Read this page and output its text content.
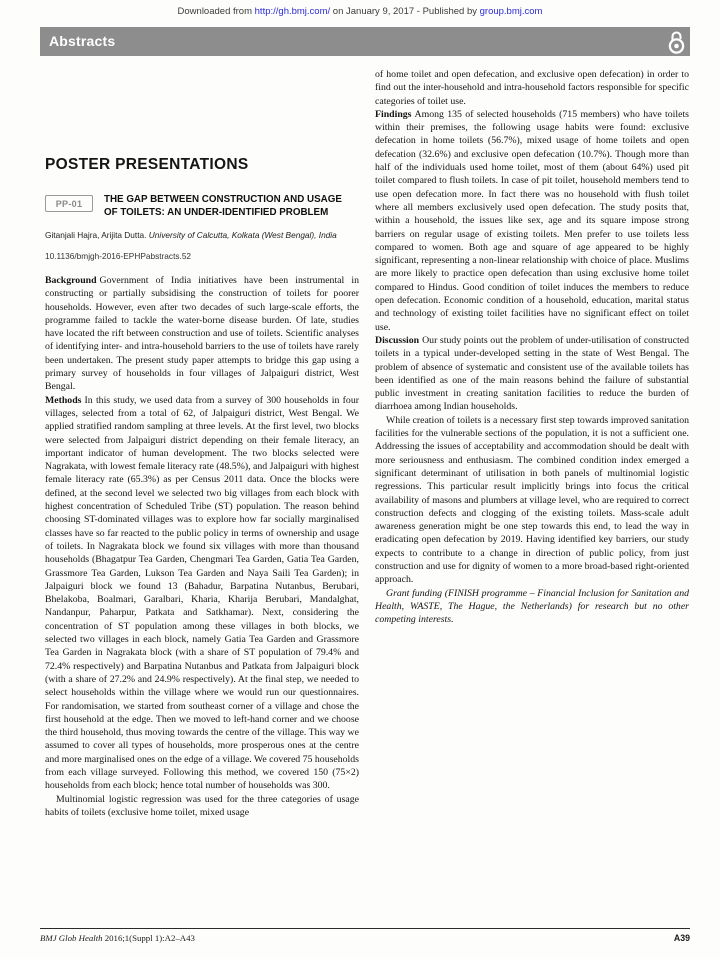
Downloaded from http://gh.bmj.com/ on January 9, 2017 - Published by group.bmj.com
Abstracts
POSTER PRESENTATIONS
PP-01	THE GAP BETWEEN CONSTRUCTION AND USAGE OF TOILETS: AN UNDER-IDENTIFIED PROBLEM

Gitanjali Hajra, Arijita Dutta. University of Calcutta, Kolkata (West Bengal), India

10.1136/bmjgh-2016-EPHPabstracts.52

Background Government of India initiatives have been instrumental in constructing or partially subsidising the construction of toilets for poorer households. However, even after two decades of such large-scale efforts, the programme failed to tackle the water-borne disease burden. Of late, studies have located the rift between construction and use of toilets. Scientific analyses of identifying inter- and intra-household barriers to the use of toilets have rarely been undertaken. The present study paper attempts to bridge this gap using a primary survey of households in four villages of Jalpaiguri district, West Bengal.

Methods In this study, we used data from a survey of 300 households in four villages, selected from a total of 62, of Jalpaiguri district, West Bengal. We applied stratified random sampling at three levels. At the first level, two blocks were selected from Jalpaiguri district depending on their female literacy, an important indicator of human development. The two blocks selected were Nagrakata, with lowest female literacy rate (48.5%), and Jalpaiguri with highest female literacy rate (65.3%) as per Census 2011 data. Once the blocks were defined, at the second level we selected two big villages from each block with highest concentration of Scheduled Tribe (ST) population. The reason behind choosing ST-dominated villages was to explore how far socially marginalised classes have so far reacted to the public policy in terms of ownership and usage of toilets. In Nagrakata block we found six villages with more than thousand households (Bhagatpur Tea Garden, Chengmari Tea Garden, Gatia Tea Garden, Grassmore Tea Garden, Lukson Tea Garden and Naya Saili Tea Garden); in Jalpaiguri block we found 13 (Bahadur, Barpatina Nutanbus, Berubari, Bhelakoba, Boalmari, Garalbari, Kharia, Kharija Berubari, Mandalghat, Nandanpur, Paharpur, Patkata and Satkhamar). Next, considering the concentration of ST population among these villages in both blocks, we selected two villages in each block, namely Gatia Tea Garden and Grassmore Tea Garden in Nagrakata block (with a share of ST population of 79.4% and 72.4% respectively) and Barpatina Nutanbus and Patkata from Jalpaiguri block (with a share of 27.2% and 24.9% respectively). At the final step, we needed to select households within the village where we would run our questionnaires. For randomisation, we started from southeast corner of a village and chose the first household at the edge. Then we moved to left-hand corner and we choose the third household, thus moving towards the centre of the village. This way we assumed to cover all types of households, more prosperous ones at the centre and more marginalised ones on the edge of a village. We covered 75 households from each village surveyed. Following this method, we covered 150 (75×2) households from each block; hence total number of households was 300.

Multinomial logistic regression was used for the three categories of usage habits of toilets (exclusive home toilet, mixed usage

of home toilet and open defecation, and exclusive open defecation) in order to find out the inter-household and intra-household factors responsible for specific categories of toilet use.

Findings Among 135 of selected households (715 members) who have toilets within their premises, the following usage habits were found: exclusive defecation in home toilets (56.7%), mixed usage of home toilets and open defecation (32.6%) and exclusive open defecation (10.7%). Though more than half of the individuals used home toilet, most of them (about 64%) used pit toilet compared to flush toilets. In case of pit toilet, household members tend to use open defecation more. In fact there was no household with flush toilet where all members exclusively used open defecation. The study posits that, within a household, the issues like sex, age and its square impose strong barriers on regular usage of existing toilets. Men prefer to use toilets less compared to women. Both age and square of age appeared to be highly significant, representing a non-linear relationship with choice of place. Muslims are more likely to practice open defecation than using exclusive home toilet compared to Hindus. Good condition of toilet induces the members to reduce open defecation. Economic condition of a household, education, marital status and technology of existing toilet facilities have no significant effect on toilet use.

Discussion Our study points out the problem of under-utilisation of constructed toilets in a typical under-developed setting in the state of West Bengal. The problem of absence of systematic and consistent use of the available toilets has been identified as one of the main reasons behind the failure of substantial public investment in creating sanitation facilities to reduce the burden of diarrhoea among Indian households.

While creation of toilets is a necessary first step towards improved sanitation facilities for the vulnerable sections of the population, it is not a sufficient one. Addressing the issues of acceptability and accommodation should be dealt with more seriousness and enthusiasm. The combined condition index emerged a significant determinant of utilisation in both panels of multinomial logistic regressions. This particular result implicitly brings into focus the critical availability of masons and plumbers at village level, who are required to correct construction defects and clogging of the existing toilets. Mass-scale adult awareness generation might be one step towards this end, to lead the way in eradicating open defecation by 2019. Having identified key barriers, our study expects to contribute to a change in direction of public policy, from just construction and use for dignity of women to a more broad-based right-oriented approach.

Grant funding (FINISH programme – Financial Inclusion for Sanitation and Health, WASTE, The Hague, the Netherlands) for research but no other competing interests.

BMJ Glob Health 2016;1(Suppl 1):A2–A43	A39
